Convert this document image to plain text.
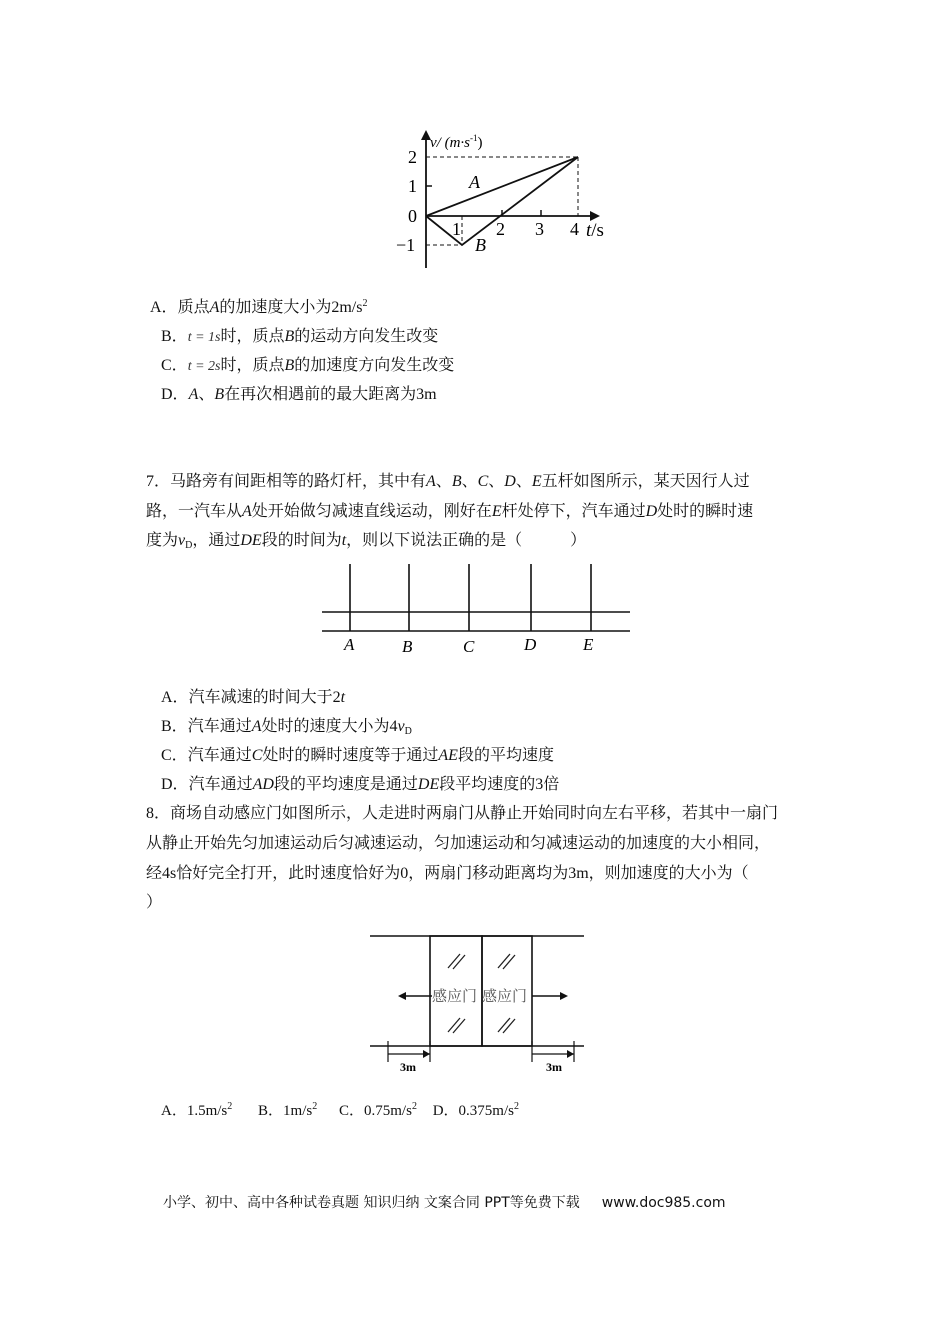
v/ $(m\cdot s^{-1})$
2
1
0
−1
1 2 3 4 t/s
A
B
A．质点A的加速度大小为$2m/s^2$
B．t = 1s时，质点B的运动方向发生改变
C．t = 2s时，质点B的加速度方向发生改变
D．A、B在再次相遇前的最大距离为3m
7．马路旁有间距相等的路灯杆，其中有A、B、C、D、E五杆如图所示，某天因行人过
路，一汽车从A处开始做匀减速直线运动，刚好在E杆处停下，汽车通过D处时的瞬时速
度为$v_D$，通过DE段的时间为t，则以下说法正确的是（　　　）
A	B	C	D	E
A．汽车减速的时间大于2t
B．汽车通过A处时的速度大小为$4v_D$
C．汽车通过C处时的瞬时速度等于通过AE段的平均速度
D．汽车通过AD段的平均速度是通过DE段平均速度的3倍
8．商场自动感应门如图所示，人走进时两扇门从静止开始同时向左右平移，若其中一扇门
从静止开始先匀加速运动后匀减速运动，匀加速运动和匀减速运动的加速度的大小相同，
经4s恰好完全打开，此时速度恰好为0，两扇门移动距离均为3m，则加速度的大小为（
）
感应门 感应门
3m	3m
A．$1.5m/s^2$ B．$1m/s^2$ C．$0.75m/s^2$ D．$0.375m/s^2$
小学、初中、高中各种试卷真题 知识归纳 文案合同 PPT等免费下载 www.doc985.com
